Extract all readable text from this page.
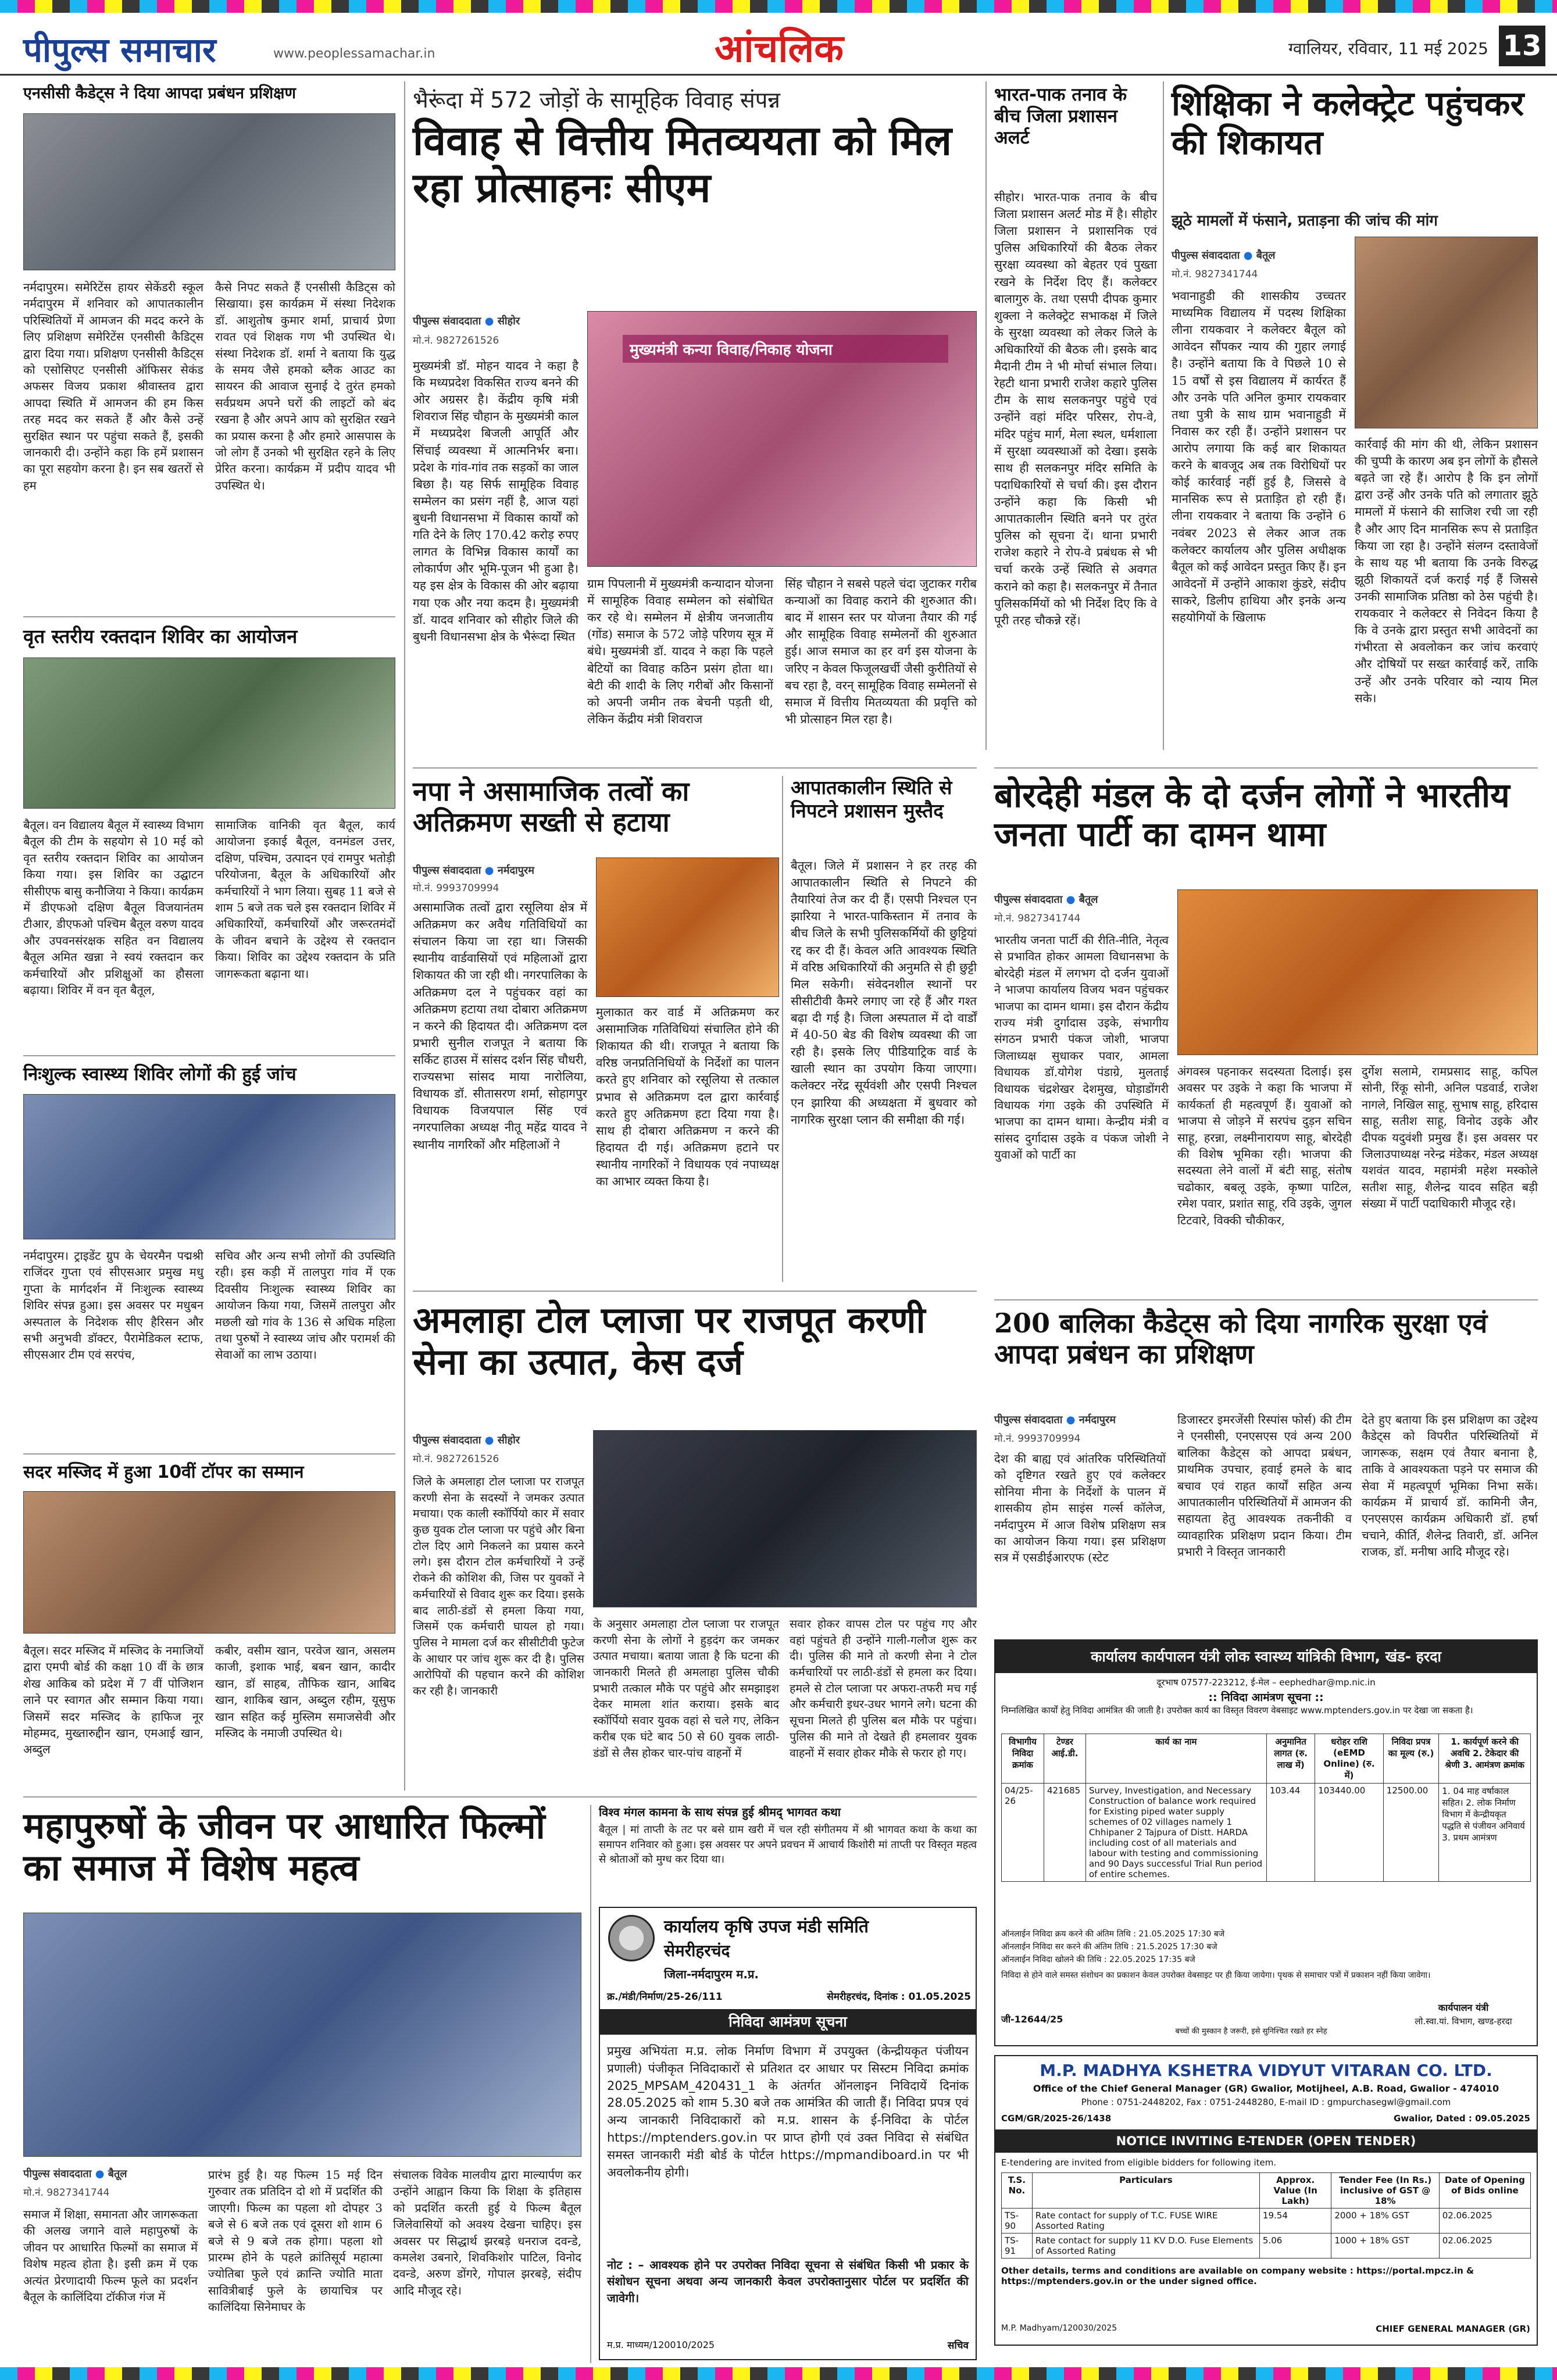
पीपुल्स समाचार	www.peoplessamachar.in	आंचलिक	ग्वालियर, रविवार, 11 मई 2025 13
एनसीसी कैडेट्स ने दिया आपदा प्रबंधन प्रशिक्षण
नर्मदापुरम। समेरिटेंस हायर सेकेंडरी स्कूल नर्मदापुरम में शनिवार को आपातकालीन परिस्थितियों में आमजन की मदद करने के लिए प्रशिक्षण समेरिटेंस एनसीसी कैडिट्स द्वारा दिया गया। प्रशिक्षण एनसीसी कैडिट्स को एसोसिएट एनसीसी ऑफिसर सेकंड अफसर विजय प्रकाश श्रीवास्तव द्वारा आपदा स्थिति में आमजन की हम किस तरह मदद कर सकते हैं और कैसे उन्हें सुरक्षित स्थान पर पहुंचा सकते हैं, इसकी जानकारी दी। उन्होंने कहा कि हमें प्रशासन का पूरा सहयोग करना है। इन सब खतरों से हम
कैसे निपट सकते हैं एनसीसी कैडिट्स को सिखाया। इस कार्यक्रम में संस्था निदेशक डॉ. आशुतोष कुमार शर्मा, प्राचार्य प्रेणा रावत एवं शिक्षक गण भी उपस्थित थे। संस्था निदेशक डॉ. शर्मा ने बताया कि युद्ध के समय जैसे हमको ब्लैक आउट का सायरन की आवाज सुनाई दे तुरंत हमको सर्वप्रथम अपने घरों की लाइटों को बंद रखना है और अपने आप को सुरक्षित रखने का प्रयास करना है और हमारे आसपास के जो लोग हैं उनको भी सुरक्षित रहने के लिए प्रेरित करना। कार्यक्रम में प्रदीप यादव भी उपस्थित थे।
वृत स्तरीय रक्तदान शिविर का आयोजन
बैतूल। वन विद्यालय बैतूल में स्वास्थ्य विभाग बैतूल की टीम के सहयोग से 10 मई को वृत स्तरीय रक्तदान शिविर का आयोजन किया गया। इस शिविर का उद्घाटन सीसीएफ बासु कनौजिया ने किया। कार्यक्रम में डीएफओ दक्षिण बैतूल विजयानंतम टीआर, डीएफओ पश्चिम बैतूल वरुण यादव और उपवनसंरक्षक सहित वन विद्यालय बैतूल अमित खन्ना ने स्वयं रक्तदान कर कर्मचारियों और प्रशिक्षुओं का हौसला बढ़ाया। शिविर में वन वृत बैतूल,
सामाजिक वानिकी वृत बैतूल, कार्य आयोजना इकाई बैतूल, वनमंडल उत्तर, दक्षिण, पश्चिम, उत्पादन एवं रामपुर भतोड़ी परियोजना, बैतूल के अधिकारियों और कर्मचारियों ने भाग लिया। सुबह 11 बजे से शाम 5 बजे तक चले इस रक्तदान शिविर में अधिकारियों, कर्मचारियों और जरूरतमंदों के जीवन बचाने के उद्देश्य से रक्तदान किया। शिविर का उद्देश्य रक्तदान के प्रति जागरूकता बढ़ाना था।
निःशुल्क स्वास्थ्य शिविर लोगों की हुई जांच
नर्मदापुरम। ट्राइडेंट ग्रुप के चेयरमैन पद्मश्री राजिंदर गुप्ता एवं सीएसआर प्रमुख मधु गुप्ता के मार्गदर्शन में निःशुल्क स्वास्थ्य शिविर संपन्न हुआ। इस अवसर पर मधुबन अस्पताल के निदेशक सीए हैरिसन और सभी अनुभवी डॉक्टर, पैरामेडिकल स्टाफ, सीएसआर टीम एवं सरपंच,
सचिव और अन्य सभी लोगों की उपस्थिति रही। इस कड़ी में तालपुरा गांव में एक दिवसीय निःशुल्क स्वास्थ्य शिविर का आयोजन किया गया, जिसमें तालपुरा और मछली खो गांव के 136 से अधिक महिला तथा पुरुषों ने स्वास्थ्य जांच और परामर्श की सेवाओं का लाभ उठाया।
सदर मस्जिद में हुआ 10वीं टॉपर का सम्मान
बैतूल। सदर मस्जिद में मस्जिद के नमाजियों द्वारा एमपी बोर्ड की कक्षा 10 वीं के छात्र शेख आकिब को प्रदेश में 7 वीं पोजिशन लाने पर स्वागत और सम्मान किया गया। जिसमें सदर मस्जिद के हाफिज नूर मोहम्मद, मुख्तारुद्दीन खान, एमआई खान, अब्दुल
कबीर, वसीम खान, परवेज खान, असलम काजी, इशाक भाई, बबन खान, कादीर खान, डॉ साहब, तौफिक खान, आबिद खान, शाकिब खान, अब्दुल रहीम, यूसुफ खान सहित कई मुस्लिम समाजसेवी और मस्जिद के नमाजी उपस्थित थे।
भैरूंदा में 572 जोड़ों के सामूहिक विवाह संपन्न
विवाह से वित्तीय मितव्ययता को मिल रहा प्रोत्साहनः सीएम
पीपुल्स संवाददाता ● सीहोर
मो.नं. 9827261526
मुख्यमंत्री कन्या विवाह/निकाह योजना
मुख्यमंत्री डॉ. मोहन यादव ने कहा है कि मध्यप्रदेश विकसित राज्य बनने की ओर अग्रसर है। केंद्रीय कृषि मंत्री शिवराज सिंह चौहान के मुख्यमंत्री काल में मध्यप्रदेश बिजली आपूर्ति और सिंचाई व्यवस्था में आत्मनिर्भर बना। प्रदेश के गांव-गांव तक सड़कों का जाल बिछा है। यह सिर्फ सामूहिक विवाह सम्मेलन का प्रसंग नहीं है, आज यहां बुधनी विधानसभा में विकास कार्यों को गति देने के लिए 170.42 करोड़ रुपए लागत के विभिन्न विकास कार्यों का लोकार्पण और भूमि-पूजन भी हुआ है। यह इस क्षेत्र के विकास की ओर बढ़ाया गया एक और नया कदम है। मुख्यमंत्री डॉ. यादव शनिवार को सीहोर जिले की बुधनी विधानसभा क्षेत्र के भैरूंदा स्थित
ग्राम पिपलानी में मुख्यमंत्री कन्यादान योजना में सामूहिक विवाह सम्मेलन को संबोधित कर रहे थे। सम्मेलन में क्षेत्रीय जनजातीय (गोंड) समाज के 572 जोड़े परिणय सूत्र में बंधे। मुख्यमंत्री डॉ. यादव ने कहा कि पहले बेटियों का विवाह कठिन प्रसंग होता था। बेटी की शादी के लिए गरीबों और किसानों को अपनी जमीन तक बेचनी पड़ती थी, लेकिन केंद्रीय मंत्री शिवराज
सिंह चौहान ने सबसे पहले चंदा जुटाकर गरीब कन्याओं का विवाह कराने की शुरुआत की। बाद में शासन स्तर पर योजना तैयार की गई और सामूहिक विवाह सम्मेलनों की शुरुआत हुई। आज समाज का हर वर्ग इस योजना के जरिए न केवल फिजूलखर्ची जैसी कुरीतियों से बच रहा है, वरन् सामूहिक विवाह सम्मेलनों से समाज में वित्तीय मितव्ययता की प्रवृत्ति को भी प्रोत्साहन मिल रहा है।
नपा ने असामाजिक तत्वों का अतिक्रमण सख्ती से हटाया
पीपुल्स संवाददाता ● नर्मदापुरम
मो.नं. 9993709994
असामाजिक तत्वों द्वारा रसूलिया क्षेत्र में अतिक्रमण कर अवैध गतिविधियों का संचालन किया जा रहा था। जिसकी स्थानीय वार्डवासियों एवं महिलाओं द्वारा शिकायत की जा रही थी। नगरपालिका के अतिक्रमण दल ने पहुंचकर वहां का अतिक्रमण हटाया तथा दोबारा अतिक्रमण न करने की हिदायत दी। अतिक्रमण दल प्रभारी सुनील राजपूत ने बताया कि सर्किट हाउस में सांसद दर्शन सिंह चौधरी, राज्यसभा सांसद माया नारोलिया, विधायक डॉ. सीतासरण शर्मा, सोहागपुर विधायक विजयपाल सिंह एवं नगरपालिका अध्यक्ष नीतू महेंद्र यादव ने स्थानीय नागरिकों और महिलाओं ने
मुलाकात कर वार्ड में अतिक्रमण कर असामाजिक गतिविधियां संचालित होने की शिकायत की थी। राजपूत ने बताया कि वरिष्ठ जनप्रतिनिधियों के निर्देशों का पालन करते हुए शनिवार को रसूलिया से तत्काल प्रभाव से अतिक्रमण दल द्वारा कार्रवाई करते हुए अतिक्रमण हटा दिया गया है। साथ ही दोबारा अतिक्रमण न करने की हिदायत दी गई। अतिक्रमण हटाने पर स्थानीय नागरिकों ने विधायक एवं नपाध्यक्ष का आभार व्यक्त किया है।
आपातकालीन स्थिति से निपटने प्रशासन मुस्तैद
बैतूल। जिले में प्रशासन ने हर तरह की आपातकालीन स्थिति से निपटने की तैयारियां तेज कर दी हैं। एसपी निश्चल एन झारिया ने भारत-पाकिस्तान में तनाव के बीच जिले के सभी पुलिसकर्मियों की छुट्टियां रद्द कर दी हैं। केवल अति आवश्यक स्थिति में वरिष्ठ अधिकारियों की अनुमति से ही छुट्टी मिल सकेगी। संवेदनशील स्थानों पर सीसीटीवी कैमरे लगाए जा रहे हैं और गश्त बढ़ा दी गई है। जिला अस्पताल में दो वार्डों में 40-50 बेड की विशेष व्यवस्था की जा रही है। इसके लिए पीडियाट्रिक वार्ड के खाली स्थान का उपयोग किया जाएगा। कलेक्टर नरेंद्र सूर्यवंशी और एसपी निश्चल एन झारिया की अध्यक्षता में बुधवार को नागरिक सुरक्षा प्लान की समीक्षा की गई।
अमलाहा टोल प्लाजा पर राजपूत करणी सेना का उत्पात, केस दर्ज
पीपुल्स संवाददाता ● सीहोर
मो.नं. 9827261526
जिले के अमलाहा टोल प्लाजा पर राजपूत करणी सेना के सदस्यों ने जमकर उत्पात मचाया। एक काली स्कॉर्पियो कार में सवार कुछ युवक टोल प्लाजा पर पहुंचे और बिना टोल दिए आगे निकलने का प्रयास करने लगे। इस दौरान टोल कर्मचारियों ने उन्हें रोकने की कोशिश की, जिस पर युवकों ने कर्मचारियों से विवाद शुरू कर दिया। इसके बाद लाठी-डंडों से हमला किया गया, जिसमें एक कर्मचारी घायल हो गया। पुलिस ने मामला दर्ज कर सीसीटीवी फुटेज के आधार पर जांच शुरू कर दी है। पुलिस आरोपियों की पहचान करने की कोशिश कर रही है। जानकारी
के अनुसार अमलाहा टोल प्लाजा पर राजपूत करणी सेना के लोगों ने हुड़दंग कर जमकर उत्पात मचाया। बताया जाता है कि घटना की जानकारी मिलते ही अमलाहा पुलिस चौकी प्रभारी तत्काल मौके पर पहुंचे और समझाइश देकर मामला शांत कराया। इसके बाद स्कॉर्पियो सवार युवक वहां से चले गए, लेकिन करीब एक घंटे बाद 50 से 60 युवक लाठी-डंडों से लैस होकर चार-पांच वाहनों में
सवार होकर वापस टोल पर पहुंच गए और वहां पहुंचते ही उन्होंने गाली-गलौज शुरू कर दी। पुलिस की माने तो करणी सेना ने टोल कर्मचारियों पर लाठी-डंडों से हमला कर दिया। हमले से टोल प्लाजा पर अफरा-तफरी मच गई और कर्मचारी इधर-उधर भागने लगे। घटना की सूचना मिलते ही पुलिस बल मौके पर पहुंचा। पुलिस की माने तो देखते ही हमलावर युवक वाहनों में सवार होकर मौके से फरार हो गए।
भारत-पाक तनाव के बीच जिला प्रशासन अलर्ट
सीहोर। भारत-पाक तनाव के बीच जिला प्रशासन अलर्ट मोड में है। सीहोर जिला प्रशासन ने प्रशासनिक एवं पुलिस अधिकारियों की बैठक लेकर सुरक्षा व्यवस्था को बेहतर एवं पुख्ता रखने के निर्देश दिए हैं। कलेक्टर बालागुरु के. तथा एसपी दीपक कुमार शुक्ला ने कलेक्ट्रेट सभाकक्ष में जिले के सुरक्षा व्यवस्था को लेकर जिले के अधिकारियों की बैठक ली। इसके बाद मैदानी टीम ने भी मोर्चा संभाल लिया। रेहटी थाना प्रभारी राजेश कहारे पुलिस टीम के साथ सलकनपुर पहुंचे एवं उन्होंने वहां मंदिर परिसर, रोप-वे, मंदिर पहुंच मार्ग, मेला स्थल, धर्मशाला में सुरक्षा व्यवस्थाओं को देखा। इसके साथ ही सलकनपुर मंदिर समिति के पदाधिकारियों से चर्चा की। इस दौरान उन्होंने कहा कि किसी भी आपातकालीन स्थिति बनने पर तुरंत पुलिस को सूचना दें। थाना प्रभारी राजेश कहारे ने रोप-वे प्रबंधक से भी चर्चा करके उन्हें स्थिति से अवगत कराने को कहा है। सलकनपुर में तैनात पुलिसकर्मियों को भी निर्देश दिए कि वे पूरी तरह चौकन्ने रहें।
शिक्षिका ने कलेक्ट्रेट पहुंचकर की शिकायत
झूठे मामलों में फंसाने, प्रताड़ना की जांच की मांग
पीपुल्स संवाददाता ● बैतूल
मो.नं. 9827341744
भवानाहुडी की शासकीय उच्चतर माध्यमिक विद्यालय में पदस्थ शिक्षिका लीना रायकवार ने कलेक्टर बैतूल को आवेदन सौंपकर न्याय की गुहार लगाई है। उन्होंने बताया कि वे पिछले 10 से 15 वर्षों से इस विद्यालय में कार्यरत हैं और उनके पति अनिल कुमार रायकवार तथा पुत्री के साथ ग्राम भवानाहुडी में निवास कर रही हैं। उन्होंने प्रशासन पर आरोप लगाया कि कई बार शिकायत करने के बावजूद अब तक विरोधियों पर कोई कार्रवाई नहीं हुई है, जिससे वे मानसिक रूप से प्रताड़ित हो रही हैं। लीना रायकवार ने बताया कि उन्होंने 6 नवंबर 2023 से लेकर आज तक कलेक्टर कार्यालय और पुलिस अधीक्षक बैतूल को कई आवेदन प्रस्तुत किए हैं। इन आवेदनों में उन्होंने आकाश कुंडरे, संदीप साकरे, डिलीप हाथिया और इनके अन्य सहयोगियों के खिलाफ
कार्रवाई की मांग की थी, लेकिन प्रशासन की चुप्पी के कारण अब इन लोगों के हौसले बढ़ते जा रहे हैं। आरोप है कि इन लोगों द्वारा उन्हें और उनके पति को लगातार झूठे मामलों में फंसाने की साजिश रची जा रही है और आए दिन मानसिक रूप से प्रताड़ित किया जा रहा है। उन्होंने संलग्न दस्तावेजों के साथ यह भी बताया कि उनके विरुद्ध झूठी शिकायतें दर्ज कराई गई हैं जिससे उनकी सामाजिक प्रतिष्ठा को ठेस पहुंची है। रायकवार ने कलेक्टर से निवेदन किया है कि वे उनके द्वारा प्रस्तुत सभी आवेदनों का गंभीरता से अवलोकन कर जांच करवाएं और दोषियों पर सख्त कार्रवाई करें, ताकि उन्हें और उनके परिवार को न्याय मिल सके।
बोरदेही मंडल के दो दर्जन लोगों ने भारतीय जनता पार्टी का दामन थामा
पीपुल्स संवाददाता ● बैतूल
मो.नं. 9827341744
भारतीय जनता पार्टी की रीति-नीति, नेतृत्व से प्रभावित होकर आमला विधानसभा के बोरदेही मंडल में लगभग दो दर्जन युवाओं ने भाजपा कार्यालय विजय भवन पहुंचकर भाजपा का दामन थामा। इस दौरान केंद्रीय राज्य मंत्री दुर्गादास उइके, संभागीय संगठन प्रभारी पंकज जोशी, भाजपा जिलाध्यक्ष सुधाकर पवार, आमला विधायक डॉ.योगेश पंडाग्रे, मुलताई विधायक चंद्रशेखर देशमुख, घोड़ाडोंगरी विधायक गंगा उइके की उपस्थिति में भाजपा का दामन थामा। केन्द्रीय मंत्री व सांसद दुर्गादास उइके व पंकज जोशी ने युवाओं को पार्टी का
अंगवस्त्र पहनाकर सदस्यता दिलाई। इस अवसर पर उइके ने कहा कि भाजपा में कार्यकर्ता ही महत्वपूर्ण हैं। युवाओं को भाजपा से जोड़ने में सरपंच दुड़न सचिन साहू, हरन्ना, लक्ष्मीनारायण साहू, बोरदेही की विशेष भूमिका रही। भाजपा की सदस्यता लेने वालों में बंटी साहू, संतोष चढोकार, बबलू उइके, कृष्णा पाटिल, रमेश पवार, प्रशांत साहू, रवि उइके, जुगल टिटवारे, विक्की चौकीकर,
दुर्गेश सलामे, रामप्रसाद साहू, कपिल सोनी, रिंकू सोनी, अनिल पडवार्ड, राजेश नागले, निखिल साहू, सुभाष साहू, हरिदास साहू, सतीश साहू, विनोद उइके और दीपक यदुवंशी प्रमुख हैं। इस अवसर पर जिलाउपाध्यक्ष नरेन्द्र मंडेकर, मंडल अध्यक्ष यशवंत यादव, महामंत्री महेश मस्कोले सतीश साहू, शैलेन्द्र यादव सहित बड़ी संख्या में पार्टी पदाधिकारी मौजूद रहे।
200 बालिका कैडेट्स को दिया नागरिक सुरक्षा एवं आपदा प्रबंधन का प्रशिक्षण
पीपुल्स संवाददाता ● नर्मदापुरम
मो.नं. 9993709994
देश की बाह्य एवं आंतरिक परिस्थितियों को दृष्टिगत रखते हुए एवं कलेक्टर सोनिया मीना के निर्देशों के पालन में शासकीय होम साइंस गर्ल्स कॉलेज, नर्मदापुरम में आज विशेष प्रशिक्षण सत्र का आयोजन किया गया। इस प्रशिक्षण सत्र में एसडीईआरएफ (स्टेट
डिजास्टर इमरजेंसी रिस्पांस फोर्स) की टीम ने एनसीसी, एनएसएस एवं अन्य 200 बालिका कैडेट्स को आपदा प्रबंधन, प्राथमिक उपचार, हवाई हमले के बाद बचाव एवं राहत कार्यों सहित अन्य आपातकालीन परिस्थितियों में आमजन की सहायता हेतु आवश्यक तकनीकी व व्यावहारिक प्रशिक्षण प्रदान किया। टीम प्रभारी ने विस्तृत जानकारी
देते हुए बताया कि इस प्रशिक्षण का उद्देश्य कैडेट्स को विपरीत परिस्थितियों में जागरूक, सक्षम एवं तैयार बनाना है, ताकि वे आवश्यकता पड़ने पर समाज की सेवा में महत्वपूर्ण भूमिका निभा सकें। कार्यक्रम में प्राचार्य डॉ. कामिनी जैन, एनएसएस कार्यक्रम अधिकारी डॉ. हर्षा चचाने, कीर्ति, शैलेन्द्र तिवारी, डॉ. अनिल राजक, डॉ. मनीषा आदि मौजूद रहे।
कार्यालय कार्यपालन यंत्री लोक स्वास्थ्य यांत्रिकी विभाग, खंड- हरदा
दूरभाष 07577-223212, ई-मेल – eephedhar@mp.nic.in
:: निविदा आमंत्रण सूचना ::
निम्नलिखित कार्यों हेतु निविदा आमंत्रित की जाती है। उपरोक्त कार्य का विस्तृत विवरण वेबसाइट www.mptenders.gov.in पर देखा जा सकता है।
विभागीय निविदा क्रमांक	टेण्डर आई.डी.	कार्य का नाम	अनुमानित लागत (रु. लाख में)	धरोहर राशि (eEMD Online) (रु. में)	निविदा प्रपत्र का मूल्य (रु.)	1. कार्यपूर्ण करने की अवधि 2. टेकेदार की श्रेणी 3. आमंत्रण क्रमांक
04/25-26	421685	Survey, Investigation, and Necessary Construction of balance work required for Existing piped water supply schemes of 02 villages namely 1 Chhipaner 2 Tajpura of Distt. HARDA including cost of all materials and labour with testing and commissioning and 90 Days successful Trial Run period of entire schemes.	103.44	103440.00	12500.00	1. 04 माह वर्षाकाल सहित। 2. लोक निर्माण विभाग में केन्द्रीयकृत पद्धति से पंजीयन अनिवार्य 3. प्रथम आमंत्रण
ऑनलाईन निविदा क्रय करने की अंतिम तिथि : 21.05.2025 17:30 बजे
ऑनलाईन निविदा सर करने की अंतिम तिथि : 21.5.2025 17:30 बजे
ऑनलाईन निविदा खोलने की तिथि : 22.05.2025 17:35 बजे
निविदा से होने वाले समस्त संशोधन का प्रकाशन केवल उपरोक्त वेबसाइट पर ही किया जायेगा। पृथक से समाचार पत्रों में प्रकाशन नहीं किया जावेगा।
जी-12644/25
बच्चों की मुस्कान है जरूरी, इसे सुनिश्चित रखते हर स्नेह
कार्यपालन यंत्री
लो.स्वा.यां. विभाग, खण्ड-हरदा
M.P. MADHYA KSHETRA VIDYUT VITARAN CO. LTD.
Office of the Chief General Manager (GR) Gwalior, Motijheel, A.B. Road, Gwalior - 474010
Phone : 0751-2448202, Fax : 0751-2448280, E-mail ID : gmpurchasegwl@gmail.com
CGM/GR/2025-26/1438	Gwalior, Dated : 09.05.2025
NOTICE INVITING E-TENDER (OPEN TENDER)
E-tendering are invited from eligible bidders for following item.
T.S. No.	Particulars	Approx. Value (In Lakh)	Tender Fee (In Rs.) inclusive of GST @ 18%	Date of Opening of Bids online
TS-90	Rate contact for supply of T.C. FUSE WIRE Assorted Rating	19.54	2000 + 18% GST	02.06.2025
TS-91	Rate contact for supply 11 KV D.O. Fuse Elements of Assorted Rating	5.06	1000 + 18% GST	02.06.2025
Other details, terms and conditions are available on company website : https://portal.mpcz.in & https://mptenders.gov.in or the under signed office.
M.P. Madhyam/120030/2025	CHIEF GENERAL MANAGER (GR)
महापुरुषों के जीवन पर आधारित फिल्मों का समाज में विशेष महत्व
पीपुल्स संवाददाता ● बैतूल
मो.नं. 9827341744
समाज में शिक्षा, समानता और जागरूकता की अलख जगाने वाले महापुरुषों के जीवन पर आधारित फिल्मों का समाज में विशेष महत्व होता है। इसी क्रम में एक अत्यंत प्रेरणादायी फिल्म फूले का प्रदर्शन बैतूल के कालिंदिया टॉकीज गंज में
प्रारंभ हुई है। यह फिल्म 15 मई दिन गुरुवार तक प्रतिदिन दो शो में प्रदर्शित की जाएगी। फिल्म का पहला शो दोपहर 3 बजे से 6 बजे तक एवं दूसरा शो शाम 6 बजे से 9 बजे तक होगा। पहला शो प्रारम्भ होने के पहले क्रांतिसूर्य महात्मा ज्योतिबा फुले एवं क्रान्ति ज्योति माता सावित्रीबाई फुले के छायाचित्र पर कालिंदिया सिनेमाघर के
संचालक विवेक मालवीय द्वारा माल्यार्पण कर उन्होंने आह्वान किया कि शिक्षा के इतिहास को प्रदर्शित करती हुई ये फिल्म बैतूल जिलेवासियों को अवश्य देखना चाहिए। इस अवसर पर सिद्धार्थ झरबड़े धनराज दवन्डे, कमलेश उबनारे, शिवकिशोर पाटिल, विनोद दवन्डे, अरुण डोंगरे, गोपाल झरबड़े, संदीप आदि मौजूद रहे।
विश्व मंगल कामना के साथ संपन्न हुई श्रीमद् भागवत कथा
बैतूल | मां ताप्ती के तट पर बसे ग्राम खरी में चल रही संगीतमय में श्री भागवत कथा के कथा का समापन शनिवार को हुआ। इस अवसर पर अपने प्रवचन में आचार्य किशोरी मां ताप्ती पर विस्तृत महत्व से श्रोताओं को मुग्ध कर दिया था।
कार्यालय कृषि उपज मंडी समिति
सेमरीहरचंद
जिला-नर्मदापुरम म.प्र.
क्र./मंडी/निर्माण/25-26/111	सेमरीहरचंद, दिनांक : 01.05.2025
निविदा आमंत्रण सूचना
प्रमुख अभियंता म.प्र. लोक निर्माण विभाग में उपयुक्त (केन्द्रीयकृत पंजीयन प्रणाली) पंजीकृत निविदाकारों से प्रतिशत दर आधार पर सिस्टम निविदा क्रमांक 2025_MPSAM_420431_1 के अंतर्गत ऑनलाइन निविदायें दिनांक 28.05.2025 को शाम 5.30 बजे तक आमंत्रित की जाती हैं। निविदा प्रपत्र एवं अन्य जानकारी निविदाकारों को म.प्र. शासन के ई-निविदा के पोर्टल https://mptenders.gov.in पर प्राप्त होगी एवं उक्त निविदा से संबंधित समस्त जानकारी मंडी बोर्ड के पोर्टल https://mpmandiboard.in पर भी अवलोकनीय होगी।
नोट : – आवश्यक होने पर उपरोक्त निविदा सूचना से संबंधित किसी भी प्रकार के संशोधन सूचना अथवा अन्य जानकारी केवल उपरोक्तानुसार पोर्टल पर प्रदर्शित की जावेगी।
म.प्र. माध्यम/120010/2025	सचिव
